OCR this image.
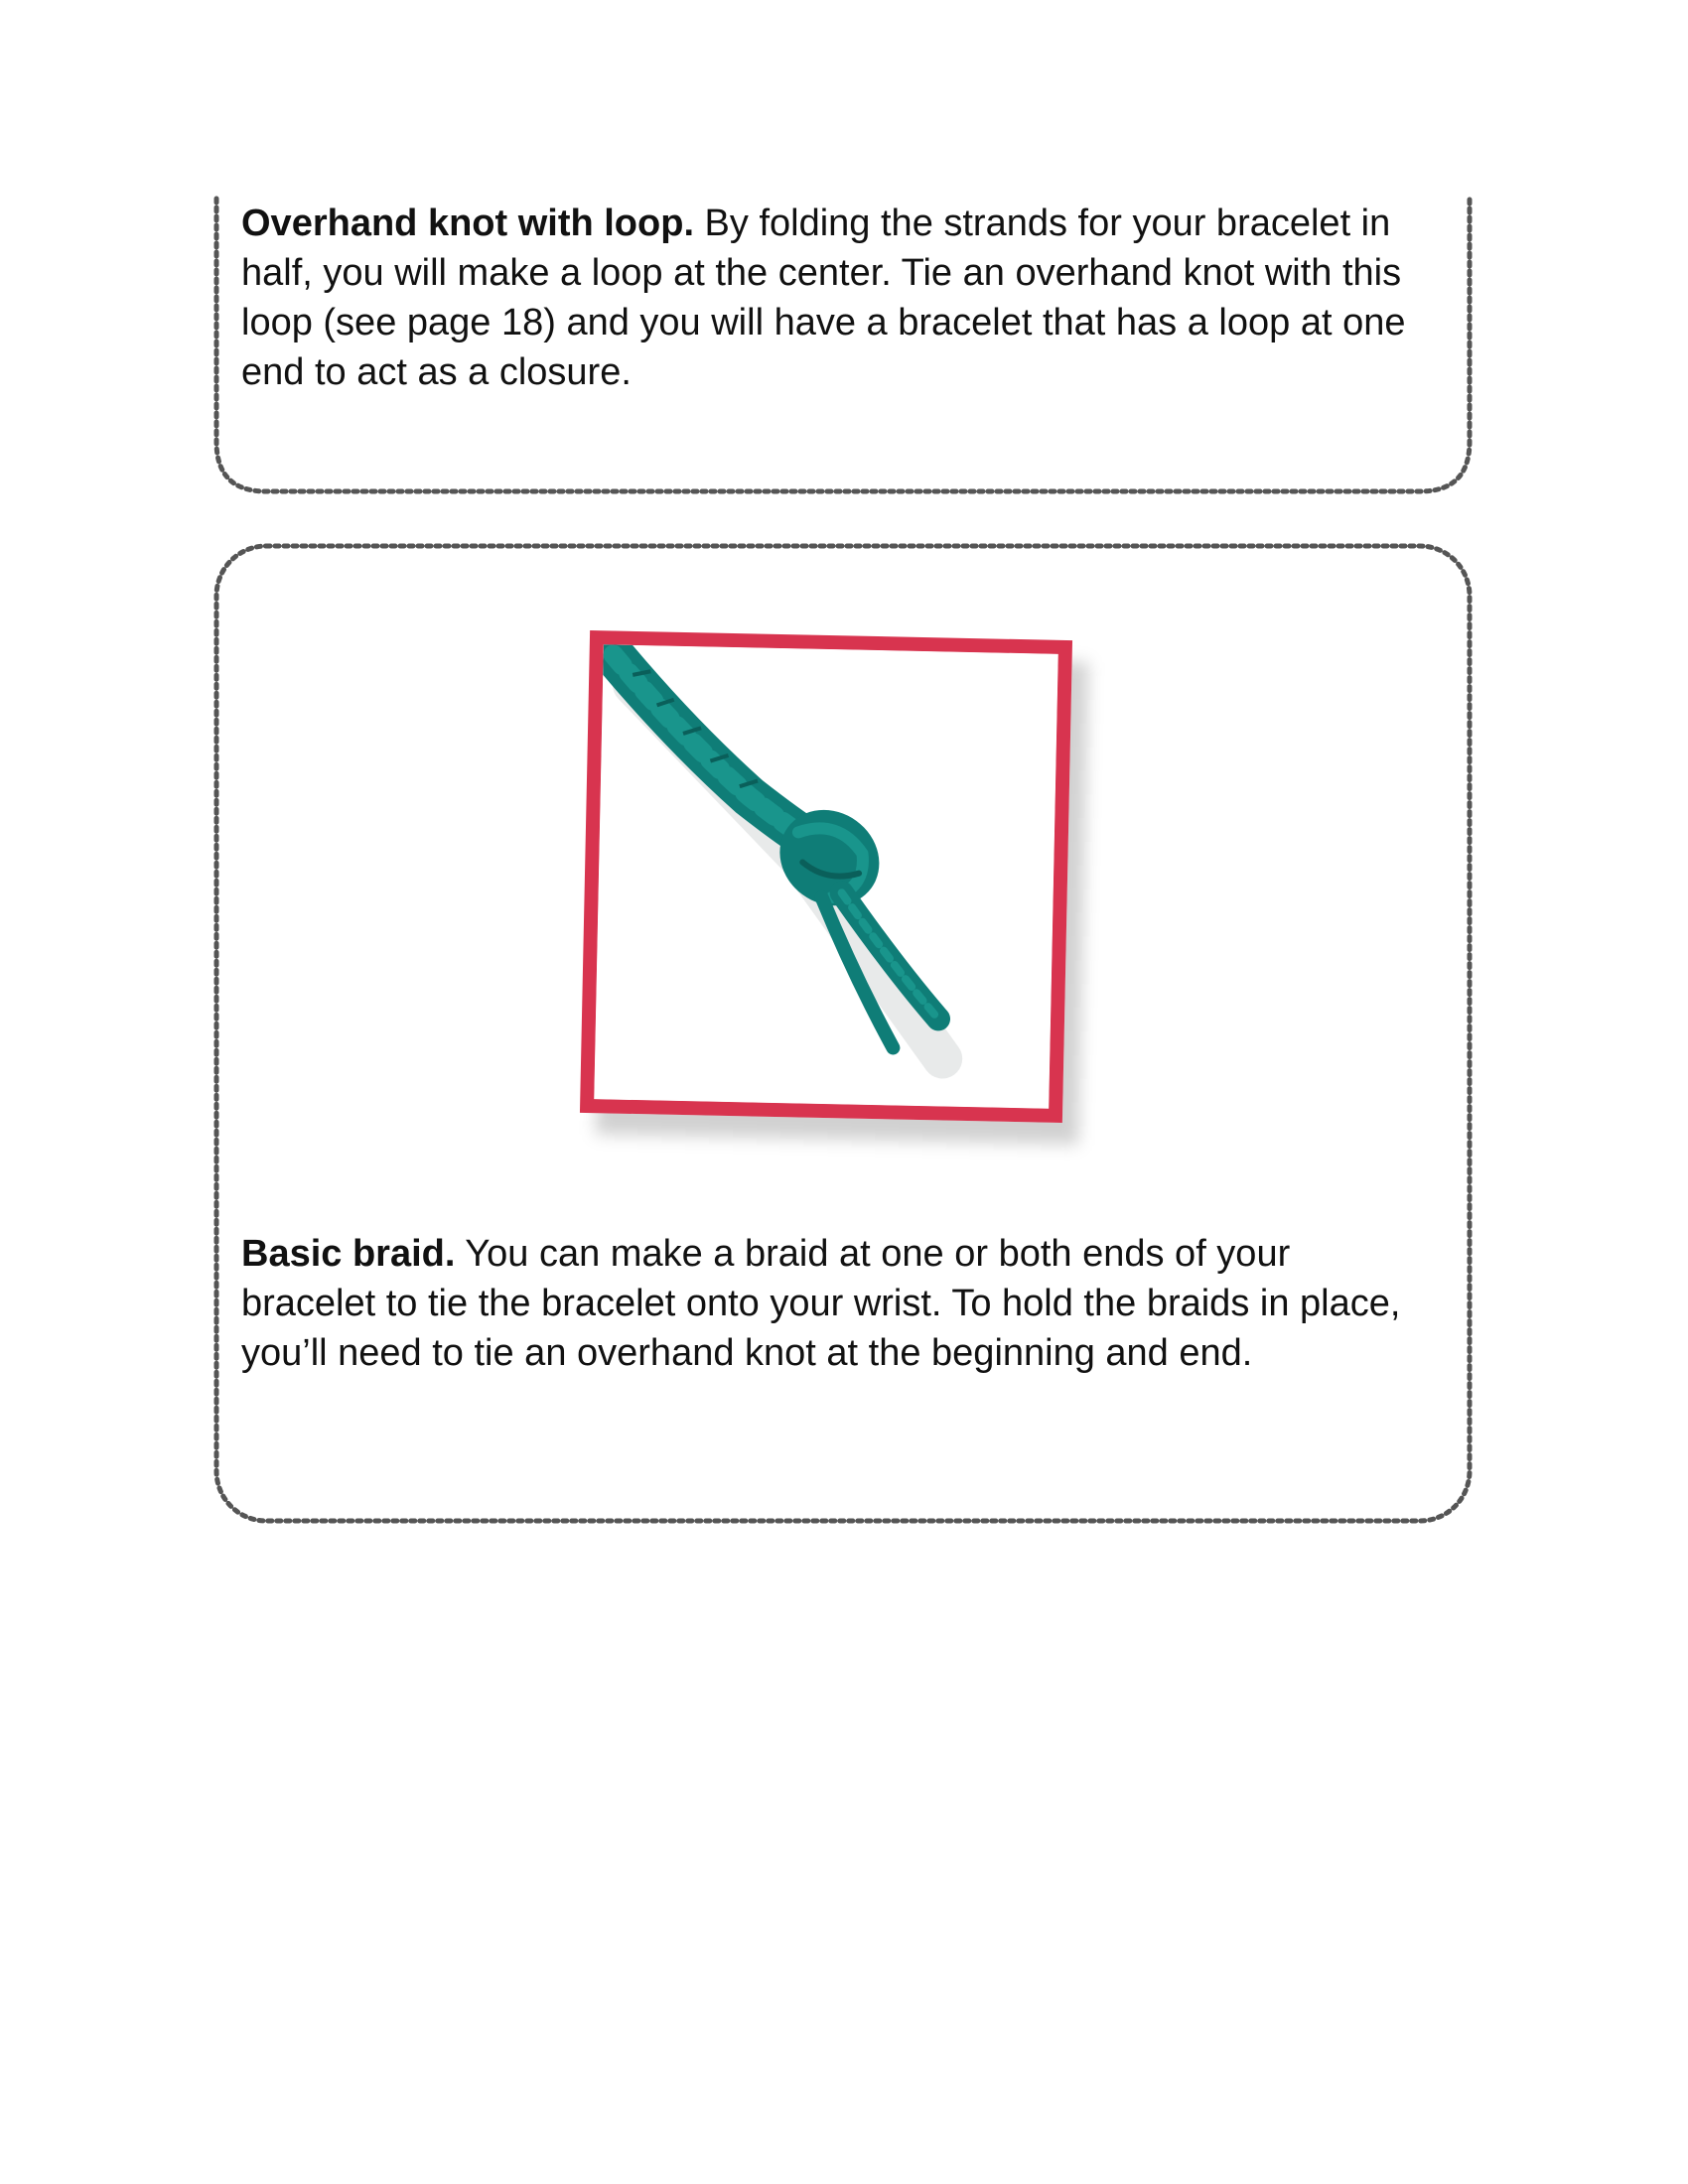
Overhand knot with loop. By folding the strands for your bracelet in half, you will make a loop at the center. Tie an overhand knot with this loop (see page 18) and you will have a bracelet that has a loop at one end to act as a closure.

Basic braid. You can make a braid at one or both ends of your bracelet to tie the bracelet onto your wrist. To hold the braids in place, you’ll need to tie an overhand knot at the beginning and end.
